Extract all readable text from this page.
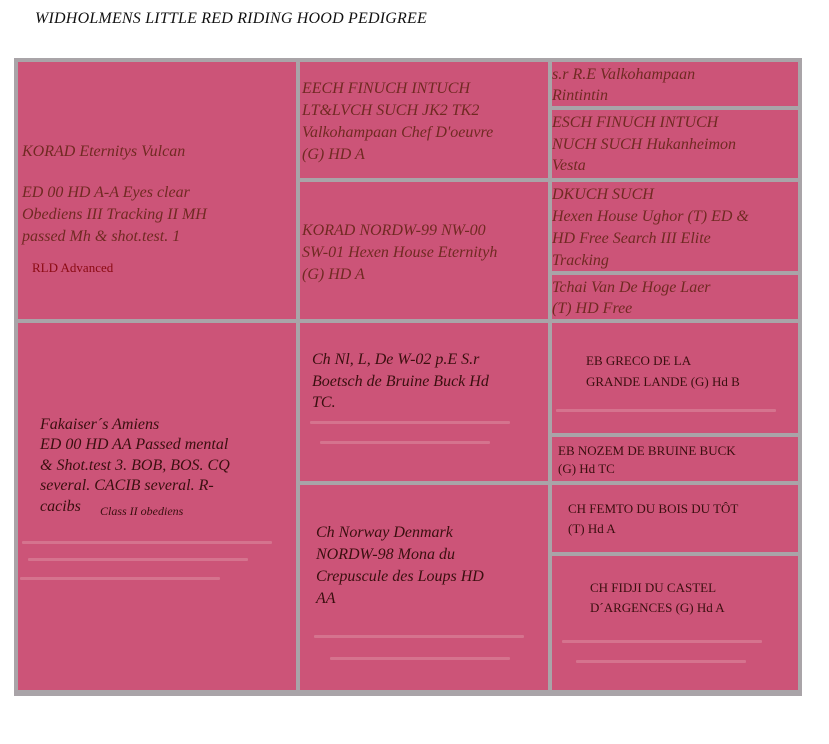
WIDHOLMENS LITTLE RED RIDING HOOD PEDIGREE
KORAD Eternitys Vulcan
ED 00 HD A-A Eyes clear
Obediens III Tracking II MH
passed Mh & shot.test. 1
RLD Advanced
Fakaiser´s Amiens
ED 00 HD AA Passed mental
& Shot.test 3. BOB, BOS. CQ
several. CACIB several. R-
cacibs	Class II obediens
EECH FINUCH INTUCH
LT&LVCH SUCH JK2 TK2
Valkohampaan Chef D'oeuvre
(G) HD A
KORAD NORDW-99 NW-00
SW-01 Hexen House Eternityh
(G) HD A
Ch Nl, L, De W-02 p.E S.r
Boetsch de Bruine Buck Hd
TC.
Ch Norway Denmark
NORDW-98 Mona du
Crepuscule des Loups HD
AA
s.r R.E Valkohampaan
Rintintin
ESCH FINUCH INTUCH
NUCH SUCH Hukanheimon
Vesta
DKUCH SUCH
Hexen House Ughor (T) ED &
HD Free Search III Elite
Tracking
Tchai Van De Hoge Laer
(T) HD Free
EB GRECO DE LA
GRANDE LANDE (G) Hd B
EB NOZEM DE BRUINE BUCK
(G) Hd TC
CH FEMTO DU BOIS DU TÔT
(T) Hd A
CH FIDJI DU CASTEL
D´ARGENCES (G) Hd A
